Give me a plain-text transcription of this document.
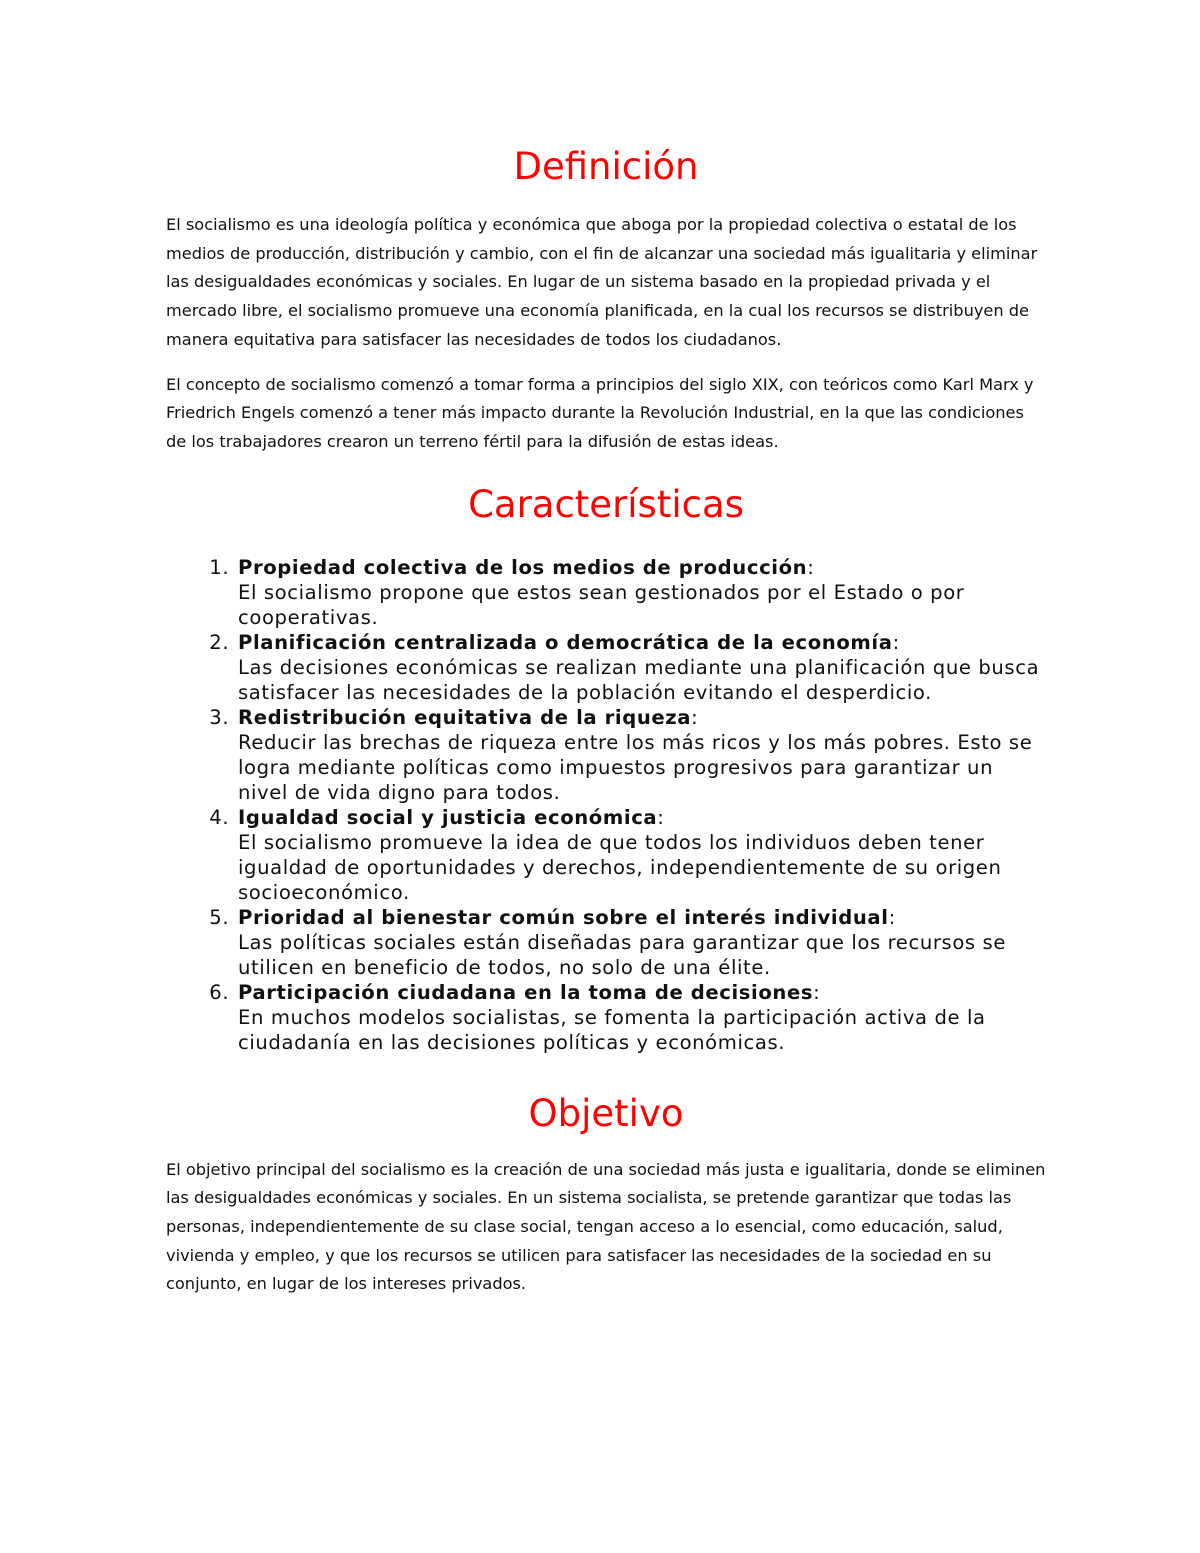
Definición

El socialismo es una ideología política y económica que aboga por la propiedad colectiva o estatal de los medios de producción, distribución y cambio, con el fin de alcanzar una sociedad más igualitaria y eliminar las desigualdades económicas y sociales. En lugar de un sistema basado en la propiedad privada y el mercado libre, el socialismo promueve una economía planificada, en la cual los recursos se distribuyen de manera equitativa para satisfacer las necesidades de todos los ciudadanos.

El concepto de socialismo comenzó a tomar forma a principios del siglo XIX, con teóricos como Karl Marx y Friedrich Engels comenzó a tener más impacto durante la Revolución Industrial, en la que las condiciones de los trabajadores crearon un terreno fértil para la difusión de estas ideas.

Características
1. Propiedad colectiva de los medios de producción:
El socialismo propone que estos sean gestionados por el Estado o por cooperativas.
2. Planificación centralizada o democrática de la economía:
Las decisiones económicas se realizan mediante una planificación que busca satisfacer las necesidades de la población evitando el desperdicio.
3. Redistribución equitativa de la riqueza:
Reducir las brechas de riqueza entre los más ricos y los más pobres. Esto se logra mediante políticas como impuestos progresivos para garantizar un nivel de vida digno para todos.
4. Igualdad social y justicia económica:
El socialismo promueve la idea de que todos los individuos deben tener igualdad de oportunidades y derechos, independientemente de su origen socioeconómico.
5. Prioridad al bienestar común sobre el interés individual:
Las políticas sociales están diseñadas para garantizar que los recursos se utilicen en beneficio de todos, no solo de una élite.
6. Participación ciudadana en la toma de decisiones:
En muchos modelos socialistas, se fomenta la participación activa de la ciudadanía en las decisiones políticas y económicas.
Objetivo

El objetivo principal del socialismo es la creación de una sociedad más justa e igualitaria, donde se eliminen las desigualdades económicas y sociales. En un sistema socialista, se pretende garantizar que todas las personas, independientemente de su clase social, tengan acceso a lo esencial, como educación, salud, vivienda y empleo, y que los recursos se utilicen para satisfacer las necesidades de la sociedad en su conjunto, en lugar de los intereses privados.
